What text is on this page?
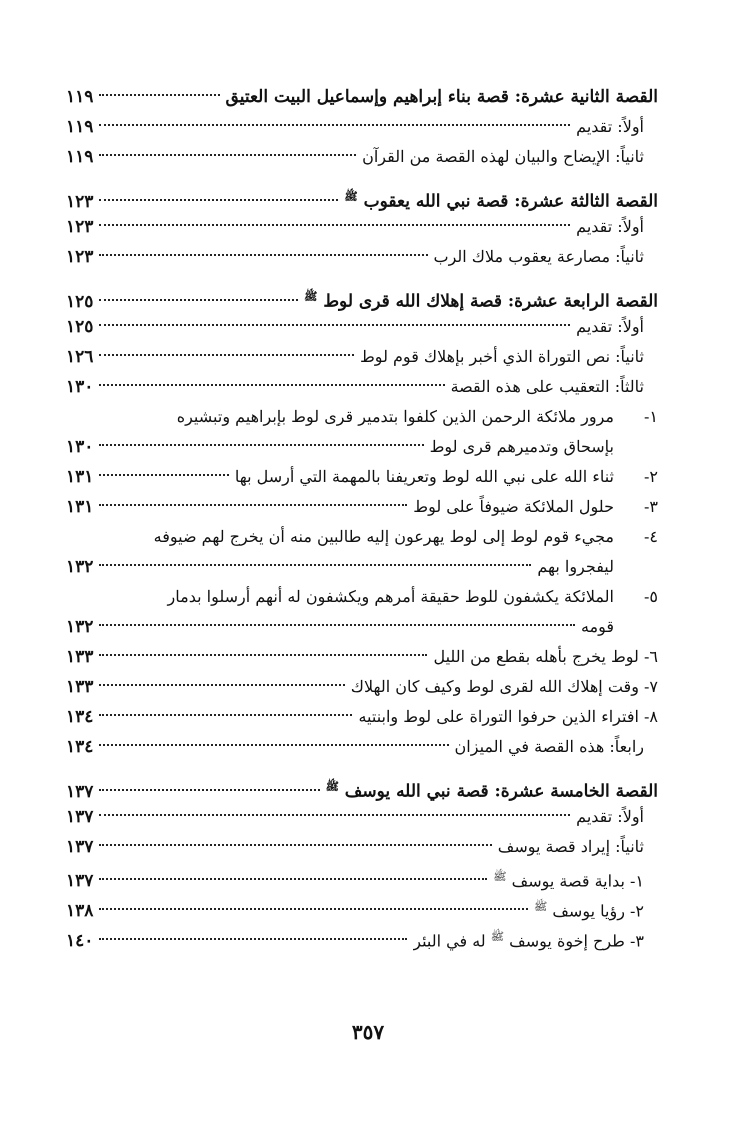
القصة الثانية عشرة: قصة بناء إبراهيم وإسماعيل البيت العتيق
١١٩
أولاً: تقديم
١١٩
ثانياً: الإيضاح والبيان لهذه القصة من القرآن
١١٩
القصة الثالثة عشرة: قصة نبي الله يعقوب $^ﷺ$
١٢٣
أولاً: تقديم
١٢٣
ثانياً: مصارعة يعقوب ملاك الرب
١٢٣
القصة الرابعة عشرة: قصة إهلاك الله قرى لوط $^ﷺ$
١٢٥
أولاً: تقديم
١٢٥
ثانياً: نص التوراة الذي أخبر بإهلاك قوم لوط
١٢٦
ثالثاً: التعقيب على هذه القصة
١٣٠
١-
مرور ملائكة الرحمن الذين كلفوا بتدمير قرى لوط بإبراهيم وتبشيره
بإسحاق وتدميرهم قرى لوط
١٣٠
٢-ثناء الله على نبي الله لوط وتعريفنا بالمهمة التي أرسل بها
١٣١
٣-حلول الملائكة ضيوفاً على لوط
١٣١
٤-
مجيء قوم لوط إلى لوط يهرعون إليه طالبين منه أن يخرج لهم ضيوفه
ليفجروا بهم
١٣٢
٥-
الملائكة يكشفون للوط حقيقة أمرهم ويكشفون له أنهم أرسلوا بدمار
قومه
١٣٢
٦- لوط يخرج بأهله بقطع من الليل
١٣٣
٧- وقت إهلاك الله لقرى لوط وكيف كان الهلاك
١٣٣
٨- افتراء الذين حرفوا التوراة على لوط وابنتيه
١٣٤
رابعاً: هذه القصة في الميزان
١٣٤
القصة الخامسة عشرة: قصة نبي الله يوسف $^ﷺ$
١٣٧
أولاً: تقديم
١٣٧
ثانياً: إيراد قصة يوسف
١٣٧
١- بداية قصة يوسف $^ﷺ$
١٣٧
٢- رؤيا يوسف $^ﷺ$
١٣٨
٣- طرح إخوة يوسف $^ﷺ$ له في البئر
١٤٠
٣٥٧
